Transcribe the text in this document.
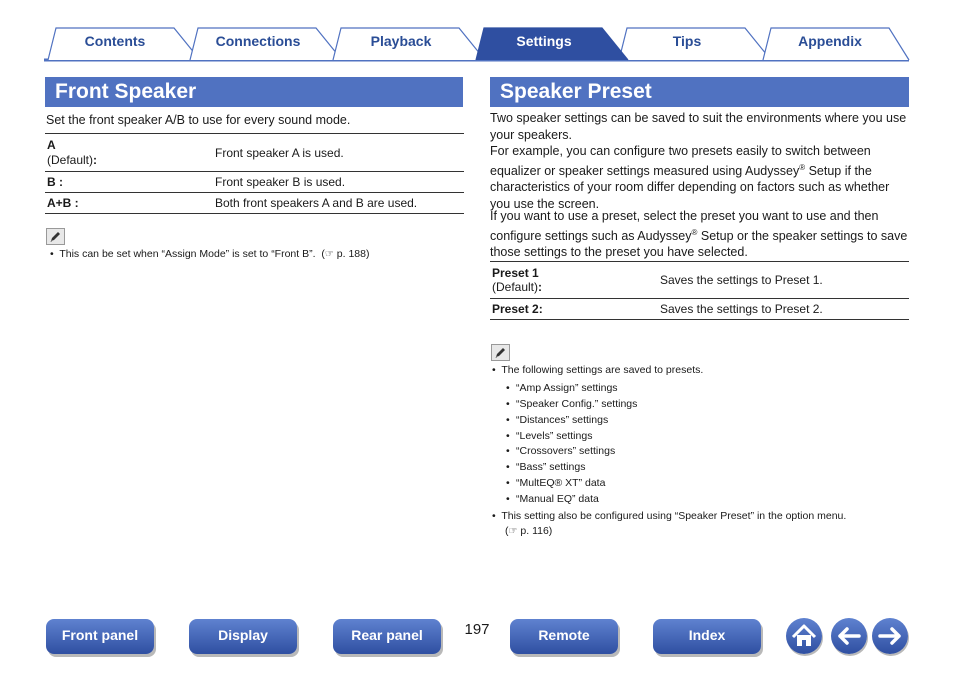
Contents	Connections	Playback	Settings	Tips	Appendix
Front Speaker
Set the front speaker A/B to use for every sound mode.
A
(Default):	Front speaker A is used.
B :	Front speaker B is used.
A+B :	Both front speakers A and B are used.
• This can be set when “Assign Mode” is set to “Front B”.  (☞ p. 188)
Speaker Preset
Two speaker settings can be saved to suit the environments where you use your speakers.
For example, you can configure two presets easily to switch between equalizer or speaker settings measured using Audyssey® Setup if the characteristics of your room differ depending on factors such as whether you use the screen.
If you want to use a preset, select the preset you want to use and then configure settings such as Audyssey® Setup or the speaker settings to save those settings to the preset you have selected.
Preset 1
(Default):	Saves the settings to Preset 1.
Preset 2:	Saves the settings to Preset 2.
• The following settings are saved to presets.
• “Amp Assign” settings
• “Speaker Config.” settings
• “Distances” settings
• “Levels” settings
• “Crossovers” settings
• “Bass” settings
• “MultEQ® XT” data
• “Manual EQ” data
• This setting also be configured using “Speaker Preset” in the option menu.
(☞ p. 116)
Front panel	Display	Rear panel	197	Remote	Index
